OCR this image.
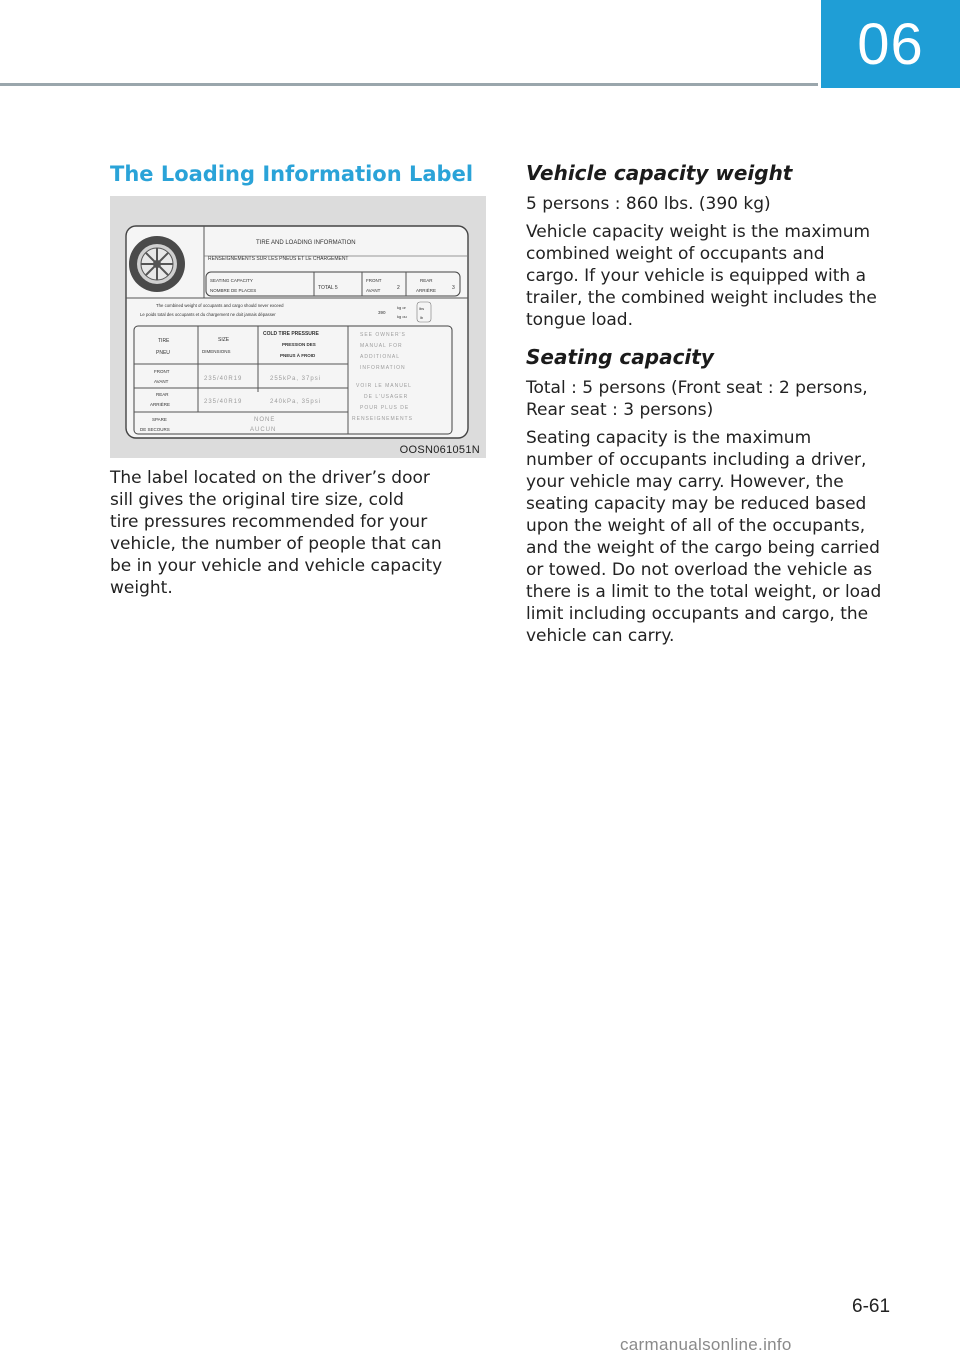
06
The Loading Information Label
TIRE AND LOADING INFORMATION
RENSEIGNEMENTS SUR LES PNEUS ET LE CHARGEMENT
SEATING CAPACITY
NOMBRE DE PLACES	TOTAL 5
FRONT
AVANT	2
REAR
ARRIÈRE	3
The combined weight of occupants and cargo should never exceed
Le poids total des occupants et du chargement ne doit jamais dépasser	390
kg or
kg ou
lbs
lb
TIRE
PNEU
SIZE
DIMENSIONS
COLD TIRE PRESSURE
PRESSION DES
PNEUS À FROID
FRONT
AVANT	235/40R19	255kPa, 37psi
REAR
ARRIÈRE	235/40R19	240kPa, 35psi
SPARE
DE SECOURS
NONE
AUCUN
SEE OWNER'S
MANUAL FOR
ADDITIONAL
INFORMATION
VOIR LE MANUEL
DE L'USAGER
POUR PLUS DE
RENSEIGNEMENTS
OOSN061051N

The label located on the driver’s door
sill gives the original tire size, cold
tire pressures recommended for your
vehicle, the number of people that can
be in your vehicle and vehicle capacity
weight.

Vehicle capacity weight

5 persons : 860 lbs. (390 kg)

Vehicle capacity weight is the maximum
combined weight of occupants and
cargo. If your vehicle is equipped with a
trailer, the combined weight includes the
tongue load.

Seating capacity

Total : 5 persons (Front seat : 2 persons,
Rear seat : 3 persons)

Seating capacity is the maximum
number of occupants including a driver,
your vehicle may carry. However, the
seating capacity may be reduced based
upon the weight of all of the occupants,
and the weight of the cargo being carried
or towed. Do not overload the vehicle as
there is a limit to the total weight, or load
limit including occupants and cargo, the
vehicle can carry.

6-61
carmanualsonline.info
